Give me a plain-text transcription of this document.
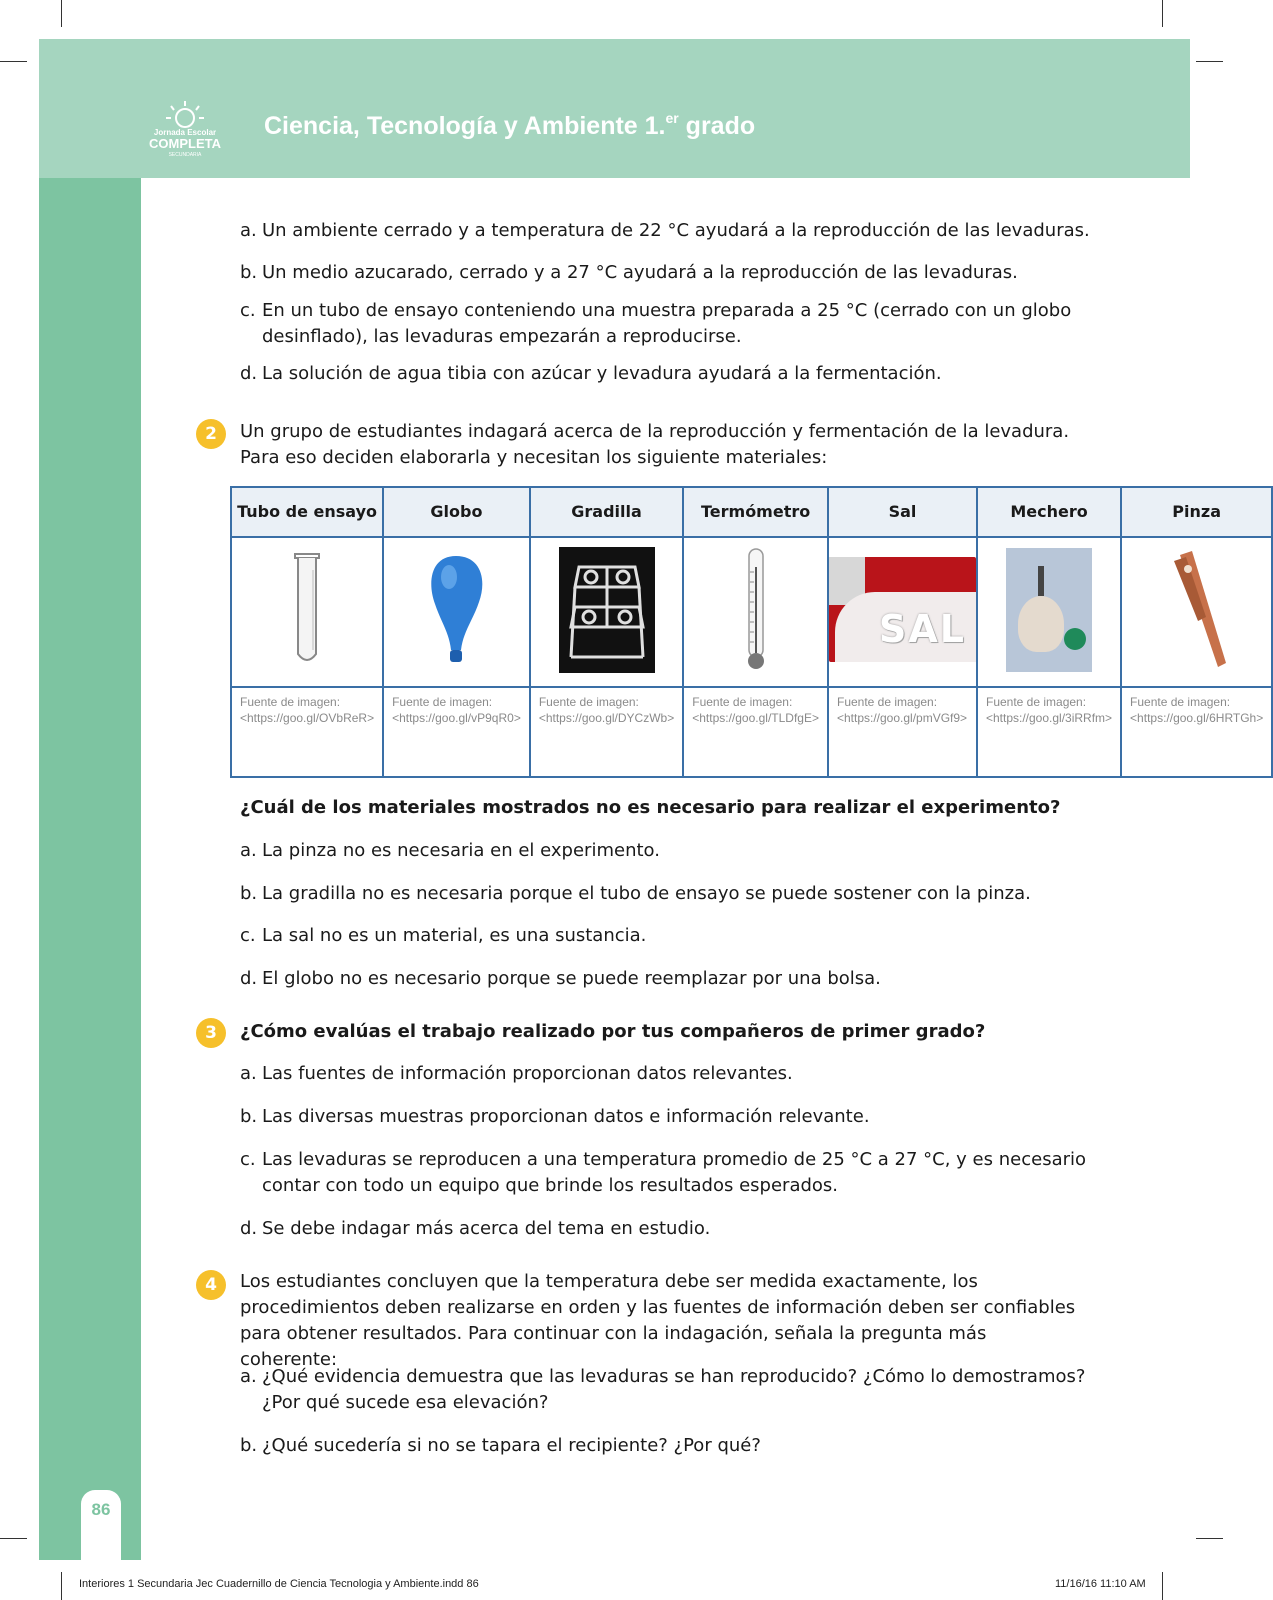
Jornada Escolar
COMPLETA
SECUNDARIA
Ciencia, Tecnología y Ambiente 1.$^{er}$ grado
a. Un ambiente cerrado y a temperatura de 22 °C ayudará a la reproducción de las levaduras.
b. Un medio azucarado, cerrado y a 27 °C ayudará a la reproducción de las levaduras.
c. En un tubo de ensayo conteniendo una muestra preparada a 25 °C (cerrado con un globo desinflado), las levaduras empezarán a reproducirse.
d. La solución de agua tibia con azúcar y levadura ayudará a la fermentación.
2	Un grupo de estudiantes indagará acerca de la reproducción y fermentación de la levadura. Para eso deciden elaborarla y necesitan los siguiente materiales:
Tubo de ensayo	Globo	Gradilla	Termómetro	Sal	Mechero	Pinza

SAL

Fuente de imagen: <https://goo.gl/OVbReR>	Fuente de imagen: <https://goo.gl/vP9qR0>	Fuente de imagen: <https://goo.gl/DYCzWb>	Fuente de imagen: <https://goo.gl/TLDfgE>	Fuente de imagen: <https://goo.gl/pmVGf9>	Fuente de imagen: <https://goo.gl/3iRRfm>	Fuente de imagen: <https://goo.gl/6HRTGh>
¿Cuál de los materiales mostrados no es necesario para realizar el experimento?
a. La pinza no es necesaria en el experimento.
b. La gradilla no es necesaria porque el tubo de ensayo se puede sostener con la pinza.
c. La sal no es un material, es una sustancia.
d. El globo no es necesario porque se puede reemplazar por una bolsa.
3	¿Cómo evalúas el trabajo realizado por tus compañeros de primer grado?
a. Las fuentes de información proporcionan datos relevantes.
b. Las diversas muestras proporcionan datos e información relevante.
c. Las levaduras se reproducen a una temperatura promedio de 25 °C a 27 °C, y es necesario contar con todo un equipo que brinde los resultados esperados.
d. Se debe indagar más acerca del tema en estudio.
4	Los estudiantes concluyen que la temperatura debe ser medida exactamente, los procedimientos deben realizarse en orden y las fuentes de información deben ser confiables para obtener resultados. Para continuar con la indagación, señala la pregunta más coherente:
a. ¿Qué evidencia demuestra que las levaduras se han reproducido? ¿Cómo lo demostramos? ¿Por qué sucede esa elevación?
b. ¿Qué sucedería si no se tapara el recipiente? ¿Por qué?
86
Interiores 1 Secundaria Jec Cuadernillo de Ciencia Tecnologia y Ambiente.indd 86	11/16/16 11:10 AM
